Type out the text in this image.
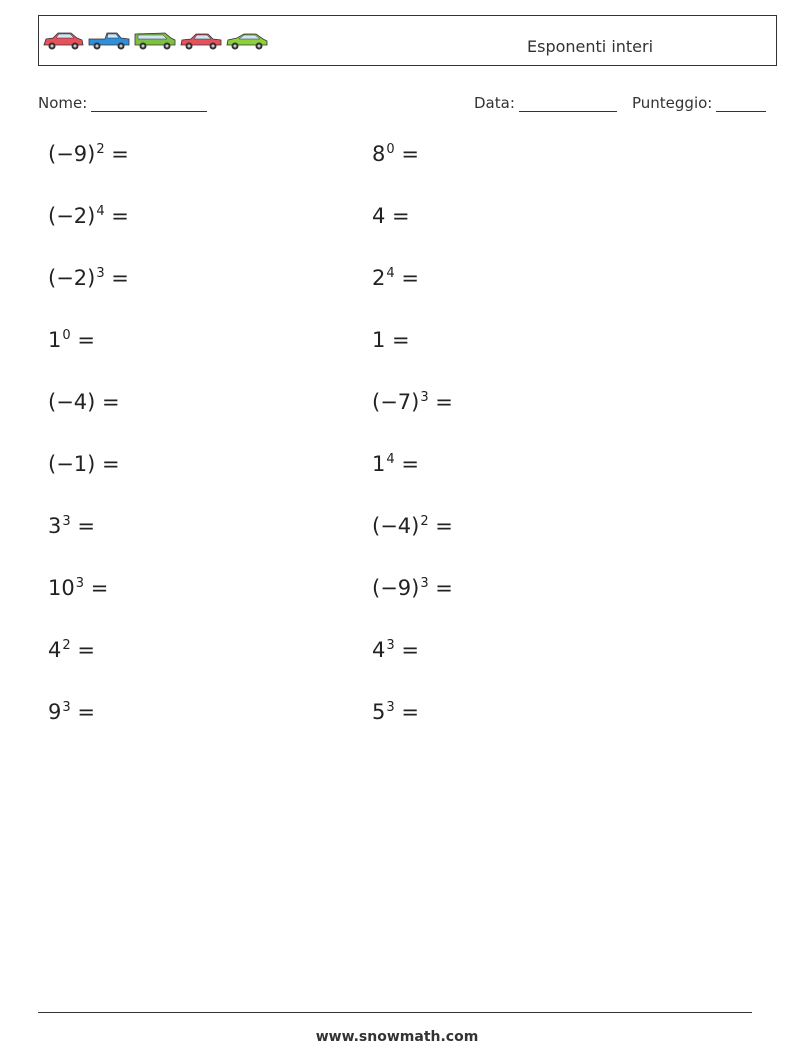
Esponenti interi
Nome:	Data:	Punteggio:
$(-9)^2$ =
$(-2)^4$ =
$(-2)^3$ =
$1^0$ =
(−4) =
(−1) =
$3^3$ =
$10^3$ =
$4^2$ =
$9^3$ =
$8^0$ =
4 =
$2^4$ =
1 =
$(-7)^3$ =
$1^4$ =
$(-4)^2$ =
$(-9)^3$ =
$4^3$ =
$5^3$ =
www.snowmath.com
